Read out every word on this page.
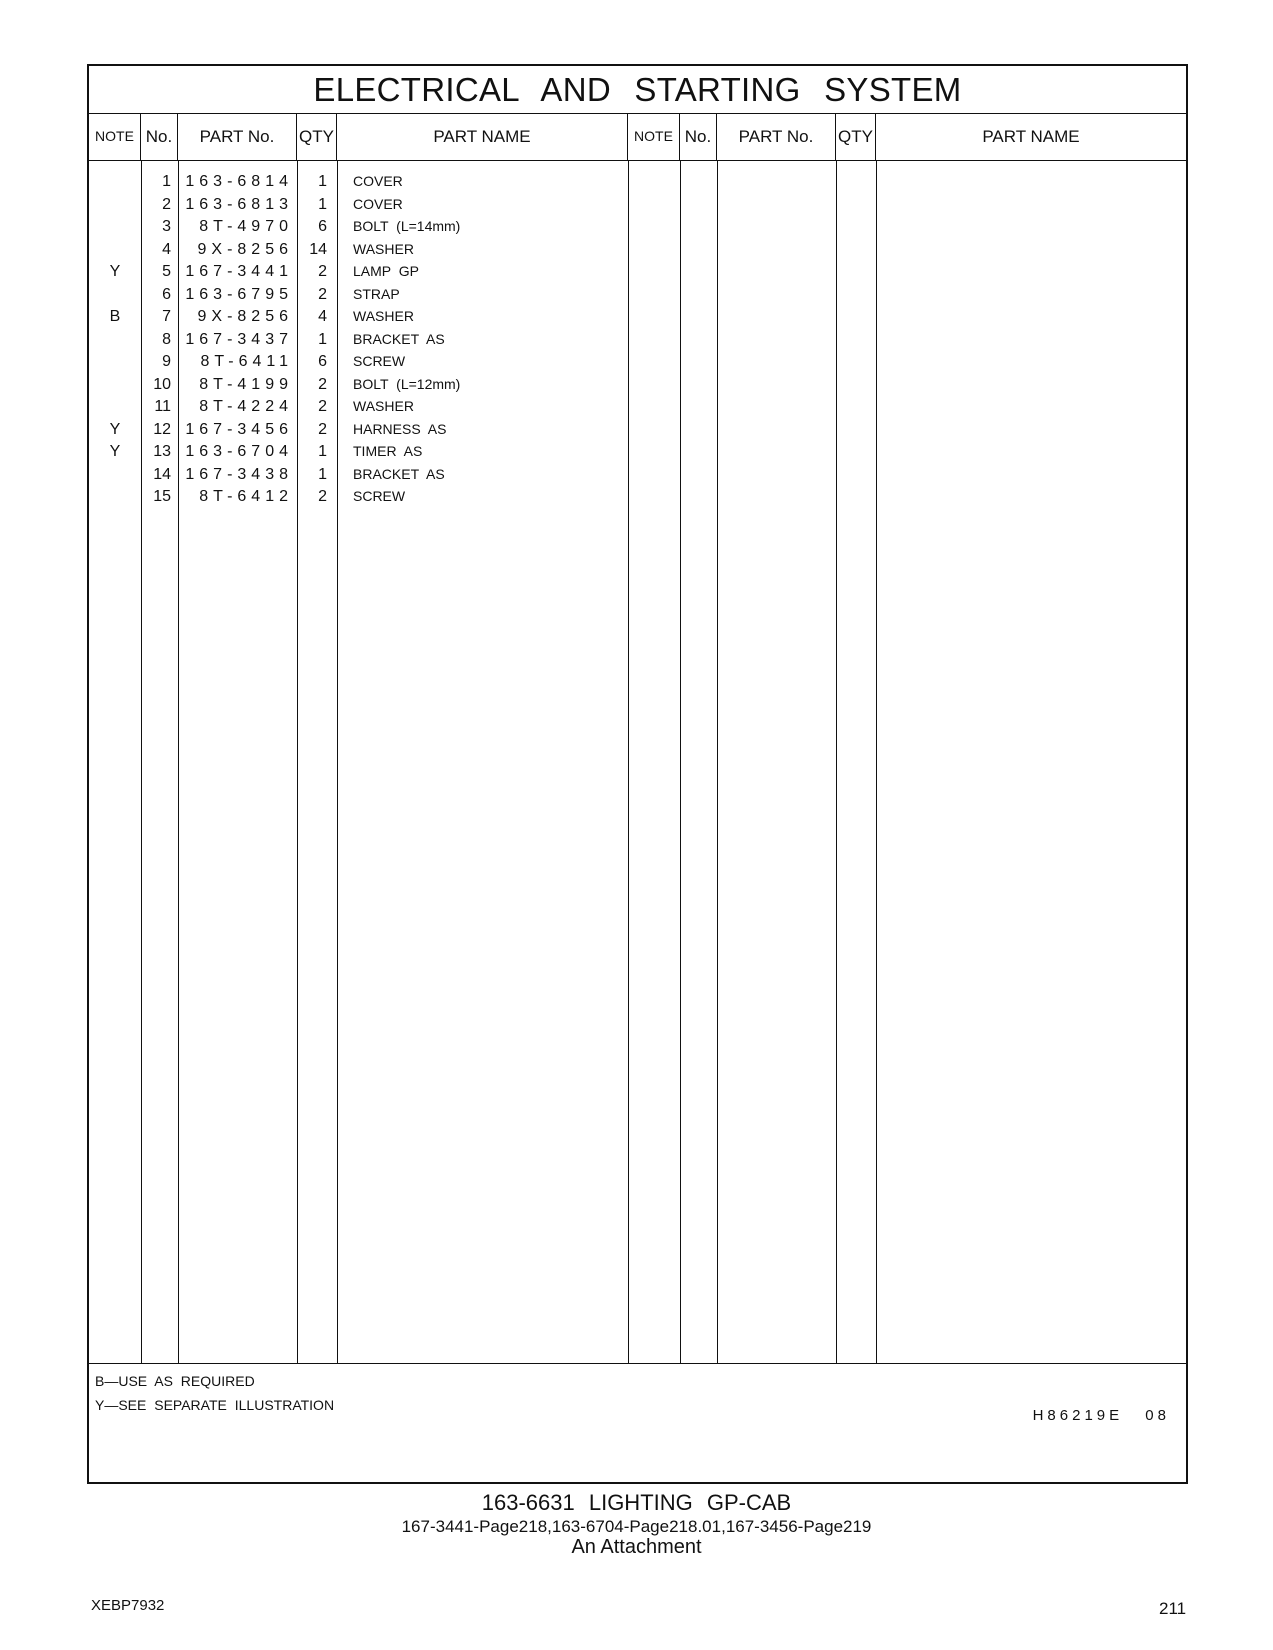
ELECTRICAL AND STARTING SYSTEM
NOTE No.	PART No.	QTY	PART NAME	NOTE No.	PART No.	QTY	PART NAME
1 163-6814	1 COVER
2 163-6813	1 COVER
3	8T-4970	6 BOLT (L=14mm)
4	9X-8256	14 WASHER
Y	5 167-3441	2 LAMP GP
6 163-6795	2 STRAP
B	7	9X-8256	4 WASHER
8 167-3437	1 BRACKET AS
9	8T-6411	6 SCREW
10	8T-4199	2 BOLT (L=12mm)
11	8T-4224	2 WASHER
Y	12 167-3456	2 HARNESS AS
Y	13 163-6704	1 TIMER AS
14 167-3438	1 BRACKET AS
15	8T-6412	2 SCREW
B—USE AS REQUIRED
Y—SEE SEPARATE ILLUSTRATION
H86219E 08
163-6631 LIGHTING GP-CAB
167-3441-Page218,163-6704-Page218.01,167-3456-Page219
An Attachment
XEBP7932	211
